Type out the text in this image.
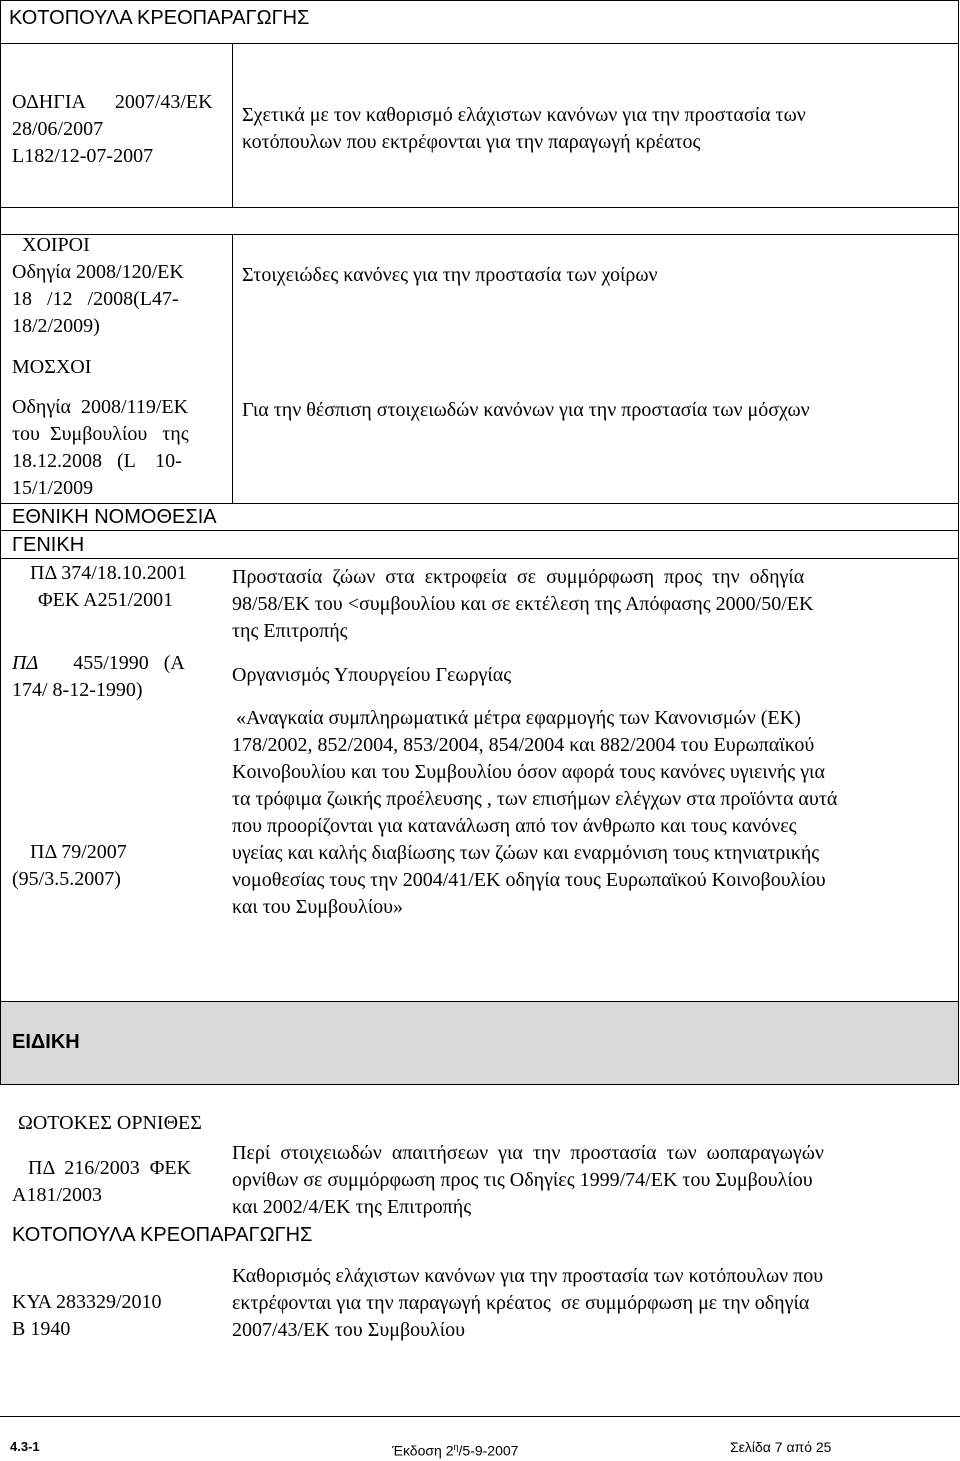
ΚΟΤΟΠΟΥΛΑ ΚΡΕΟΠΑΡΑΓΩΓΗΣ
ΟΔΗΓΙΑ      2007/43/ΕΚ
28/06/2007
L182/12-07-2007
Σχετικά με τον καθορισμό ελάχιστων κανόνων για την προστασία των
κοτόπουλων που εκτρέφονται για την παραγωγή κρέατος
ΧΟΙΡΟΙ
Οδηγία 2008/120/ΕΚ
18   /12   /2008(L47-
18/2/2009)
Στοιχειώδες κανόνες για την προστασία των χοίρων
ΜΟΣΧΟΙ
Οδηγία  2008/119/ΕΚ
του  Συμβουλίου   της
18.12.2008   (L    10-
15/1/2009
Για την θέσπιση στοιχειωδών κανόνων για την προστασία των μόσχων
ΕΘΝΙΚΗ ΝΟΜΟΘΕΣΙΑ
ΓΕΝΙΚΗ
ΠΔ 374/18.10.2001
ΦΕΚ Α251/2001
Προστασία  ζώων  στα  εκτροφεία  σε  συμμόρφωση  προς  την  οδηγία
98/58/ΕΚ του <συμβουλίου και σε εκτέλεση της Απόφασης 2000/50/ΕΚ
της Επιτροπής
ΠΔ       455/1990   (Α
174/ 8-12-1990)
Οργανισμός Υπουργείου Γεωργίας
ΠΔ 79/2007
(95/3.5.2007)
«Αναγκαία συμπληρωματικά μέτρα εφαρμογής των Κανονισμών (ΕΚ)
178/2002, 852/2004, 853/2004, 854/2004 και 882/2004 του Ευρωπαϊκού
Κοινοβουλίου και του Συμβουλίου όσον αφορά τους κανόνες υγιεινής για
τα τρόφιμα ζωικής προέλευσης , των επισήμων ελέγχων στα προϊόντα αυτά
που προορίζονται για κατανάλωση από τον άνθρωπο και τους κανόνες
υγείας και καλής διαβίωσης των ζώων και εναρμόνιση τους κτηνιατρικής
νομοθεσίας τους την 2004/41/ΕΚ οδηγία τους Ευρωπαϊκού Κοινοβουλίου
και του Συμβουλίου»
ΕΙΔΙΚΗ
ΩΟΤΟΚΕΣ ΟΡΝΙΘΕΣ
ΠΔ  216/2003  ΦΕΚ
Α181/2003
Περί  στοιχειωδών  απαιτήσεων  για  την  προστασία  των  ωοπαραγωγών
ορνίθων σε συμμόρφωση προς τις Οδηγίες 1999/74/ΕΚ του Συμβουλίου
και 2002/4/ΕΚ της Επιτροπής
ΚΟΤΟΠΟΥΛΑ ΚΡΕΟΠΑΡΑΓΩΓΗΣ
ΚΥΑ 283329/2010
Β 1940
Καθορισμός ελάχιστων κανόνων για την προστασία των κοτόπουλων που
εκτρέφονται για την παραγωγή κρέατος  σε συμμόρφωση με την οδηγία
2007/43/ΕΚ του Συμβουλίου
4.3-1	Έκδοση $2^\eta/5-9-2007$	Σελίδα 7 από 25
